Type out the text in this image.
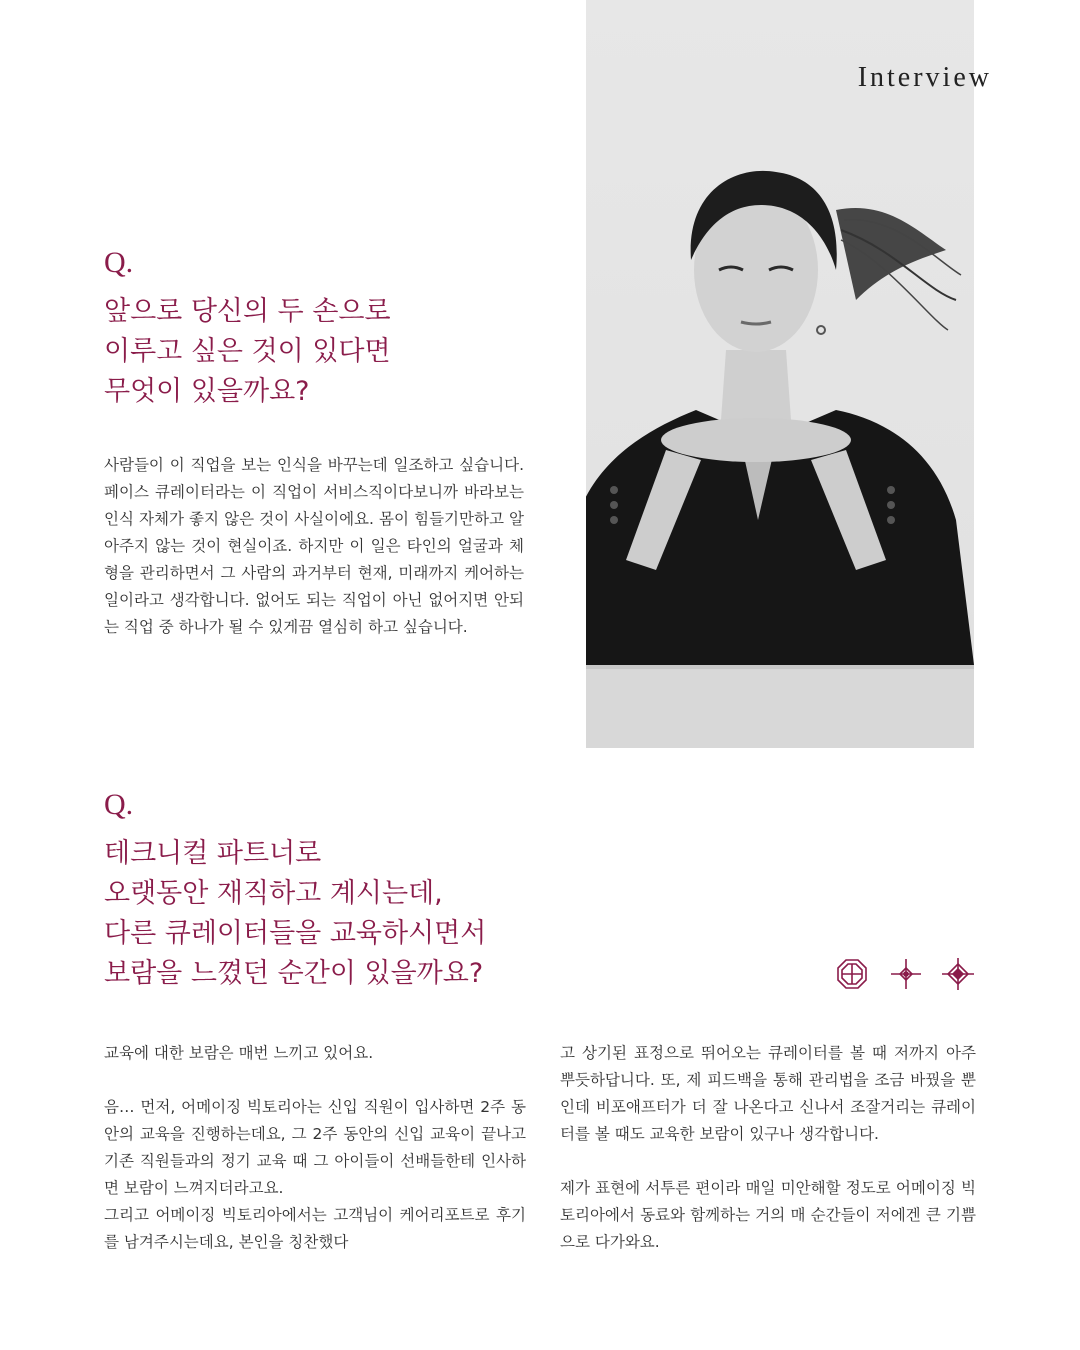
Interview
Q.
앞으로 당신의 두 손으로
이루고 싶은 것이 있다면
무엇이 있을까요?

사람들이 이 직업을 보는 인식을 바꾸는데 일조하고 싶습니다. 페이스 큐레이터라는 이 직업이 서비스직이다보니까 바라보는 인식 자체가 좋지 않은 것이 사실이에요. 몸이 힘들기만하고 알아주지 않는 것이 현실이죠. 하지만 이 일은 타인의 얼굴과 체형을 관리하면서 그 사람의 과거부터 현재, 미래까지 케어하는 일이라고 생각합니다. 없어도 되는 직업이 아닌 없어지면 안되는 직업 중 하나가 될 수 있게끔 열심히 하고 싶습니다.

Q.
테크니컬 파트너로
오랫동안 재직하고 계시는데,
다른 큐레이터들을 교육하시면서
보람을 느꼈던 순간이 있을까요?

교육에 대한 보람은 매번 느끼고 있어요.

음… 먼저, 어메이징 빅토리아는 신입 직원이 입사하면 2주 동안의 교육을 진행하는데요, 그 2주 동안의 신입 교육이 끝나고 기존 직원들과의 정기 교육 때 그 아이들이 선배들한테 인사하면 보람이 느껴지더라고요.

그리고 어메이징 빅토리아에서는 고객님이 케어리포트로 후기를 남겨주시는데요, 본인을 칭찬했다

고 상기된 표정으로 뛰어오는 큐레이터를 볼 때 저까지 아주 뿌듯하답니다. 또, 제 피드백을 통해 관리법을 조금 바꿨을 뿐인데 비포애프터가 더 잘 나온다고 신나서 조잘거리는 큐레이터를 볼 때도 교육한 보람이 있구나 생각합니다.

제가 표현에 서투른 편이라 매일 미안해할 정도로 어메이징 빅토리아에서 동료와 함께하는 거의 매 순간들이 저에겐 큰 기쁨으로 다가와요.
